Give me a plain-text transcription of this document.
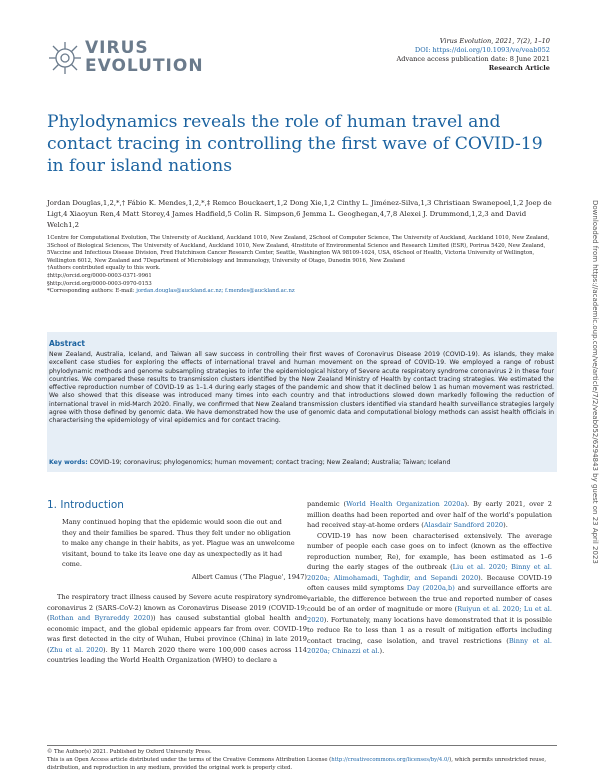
VIRUS
EVOLUTION
Virus Evolution, 2021, 7(2), 1–10
DOI: https://doi.org/10.1093/ve/veab052
Advance access publication date: 8 June 2021
Research Article
Phylodynamics reveals the role of human travel and contact tracing in controlling the first wave of COVID-19 in four island nations
Jordan Douglas,1,2,*,† Fábio K. Mendes,1,2,*,‡ Remco Bouckaert,1,2 Dong Xie,1,2 Cinthy L. Jiménez-Silva,1,3 Christiaan Swanepoel,1,2 Joep de Ligt,4 Xiaoyun Ren,4 Matt Storey,4 James Hadfield,5 Colin R. Simpson,6 Jemma L. Geoghegan,4,7,8 Alexei J. Drummond,1,2,3 and David Welch1,2
1Centre for Computational Evolution, The University of Auckland, Auckland 1010, New Zealand, 2School of Computer Science, The University of Auckland, Auckland 1010, New Zealand, 3School of Biological Sciences, The University of Auckland, Auckland 1010, New Zealand, 4Institute of Environmental Science and Research Limited (ESR), Porirua 5420, New Zealand, 5Vaccine and Infectious Disease Division, Fred Hutchinson Cancer Research Center, Seattle, Washington WA 98109-1024, USA, 6School of Health, Victoria University of Wellington, Wellington 6012, New Zealand and 7Department of Microbiology and Immunology, University of Otago, Dunedin 9016, New Zealand
†Authors contributed equally to this work.
‡http://orcid.org/0000-0003-0371-9961
§http://orcid.org/0000-0003-0970-0153
*Corresponding authors: E-mail: jordan.douglas@auckland.ac.nz; f.mendes@auckland.ac.nz
Abstract
New Zealand, Australia, Iceland, and Taiwan all saw success in controlling their first waves of Coronavirus Disease 2019 (COVID-19). As islands, they make excellent case studies for exploring the effects of international travel and human movement on the spread of COVID-19. We employed a range of robust phylodynamic methods and genome subsampling strategies to infer the epidemiological history of Severe acute respiratory syndrome coronavirus 2 in these four countries. We compared these results to transmission clusters identified by the New Zealand Ministry of Health by contact tracing strategies. We estimated the effective reproduction number of COVID-19 as 1–1.4 during early stages of the pandemic and show that it declined below 1 as human movement was restricted. We also showed that this disease was introduced many times into each country and that introductions slowed down markedly following the reduction of international travel in mid-March 2020. Finally, we confirmed that New Zealand transmission clusters identified via standard health surveillance strategies largely agree with those defined by genomic data. We have demonstrated how the use of genomic data and computational biology methods can assist health officials in characterising the epidemiology of viral epidemics and for contact tracing.
Key words: COVID-19; coronavirus; phylogenomics; human movement; contact tracing; New Zealand; Australia; Taiwan; Iceland	Downloaded from https://academic.oup.com/ve/article/7/2/veab052/6294843 by guest on 23 April 2023
1. Introduction
Many continued hoping that the epidemic would soon die out and they and their families be spared. Thus they felt under no obligation to make any change in their habits, as yet. Plague was an unwelcome visitant, bound to take its leave one day as unexpectedly as it had come.
Albert Camus ('The Plague', 1947)
The respiratory tract illness caused by Severe acute respiratory syndrome coronavirus 2 (SARS-CoV-2) known as Coronavirus Disease 2019 (COVID-19; (Rothan and Byrareddy 2020)) has caused substantial global health and economic impact, and the global epidemic appears far from over. COVID-19 was first detected in the city of Wuhan, Hubei province (China) in late 2019 (Zhu et al. 2020). By 11 March 2020 there were 100,000 cases across 114 countries leading the World Health Organization (WHO) to declare a

pandemic (World Health Organization 2020a). By early 2021, over 2 million deaths had been reported and over half of the world's population had received stay-at-home orders (Alasdair Sandford 2020).

COVID-19 has now been characterised extensively. The average number of people each case goes on to infect (known as the effective reproduction number, Re), for example, has been estimated as 1–6 during the early stages of the outbreak (Liu et al. 2020; Binny et al. 2020a; Alimohamadi, Taghdir, and Sepandi 2020). Because COVID-19 often causes mild symptoms Day (2020a,b) and surveillance efforts are variable, the difference between the true and reported number of cases could be of an order of magnitude or more (Ruiyun et al. 2020; Lu et al. 2020). Fortunately, many locations have demonstrated that it is possible to reduce Re to less than 1 as a result of mitigation efforts including contact tracing, case isolation, and travel restrictions (Binny et al. 2020a; Chinazzi et al.).

© The Author(s) 2021. Published by Oxford University Press.
This is an Open Access article distributed under the terms of the Creative Commons Attribution License (http://creativecommons.org/licenses/by/4.0/), which permits unrestricted reuse, distribution, and reproduction in any medium, provided the original work is properly cited.
